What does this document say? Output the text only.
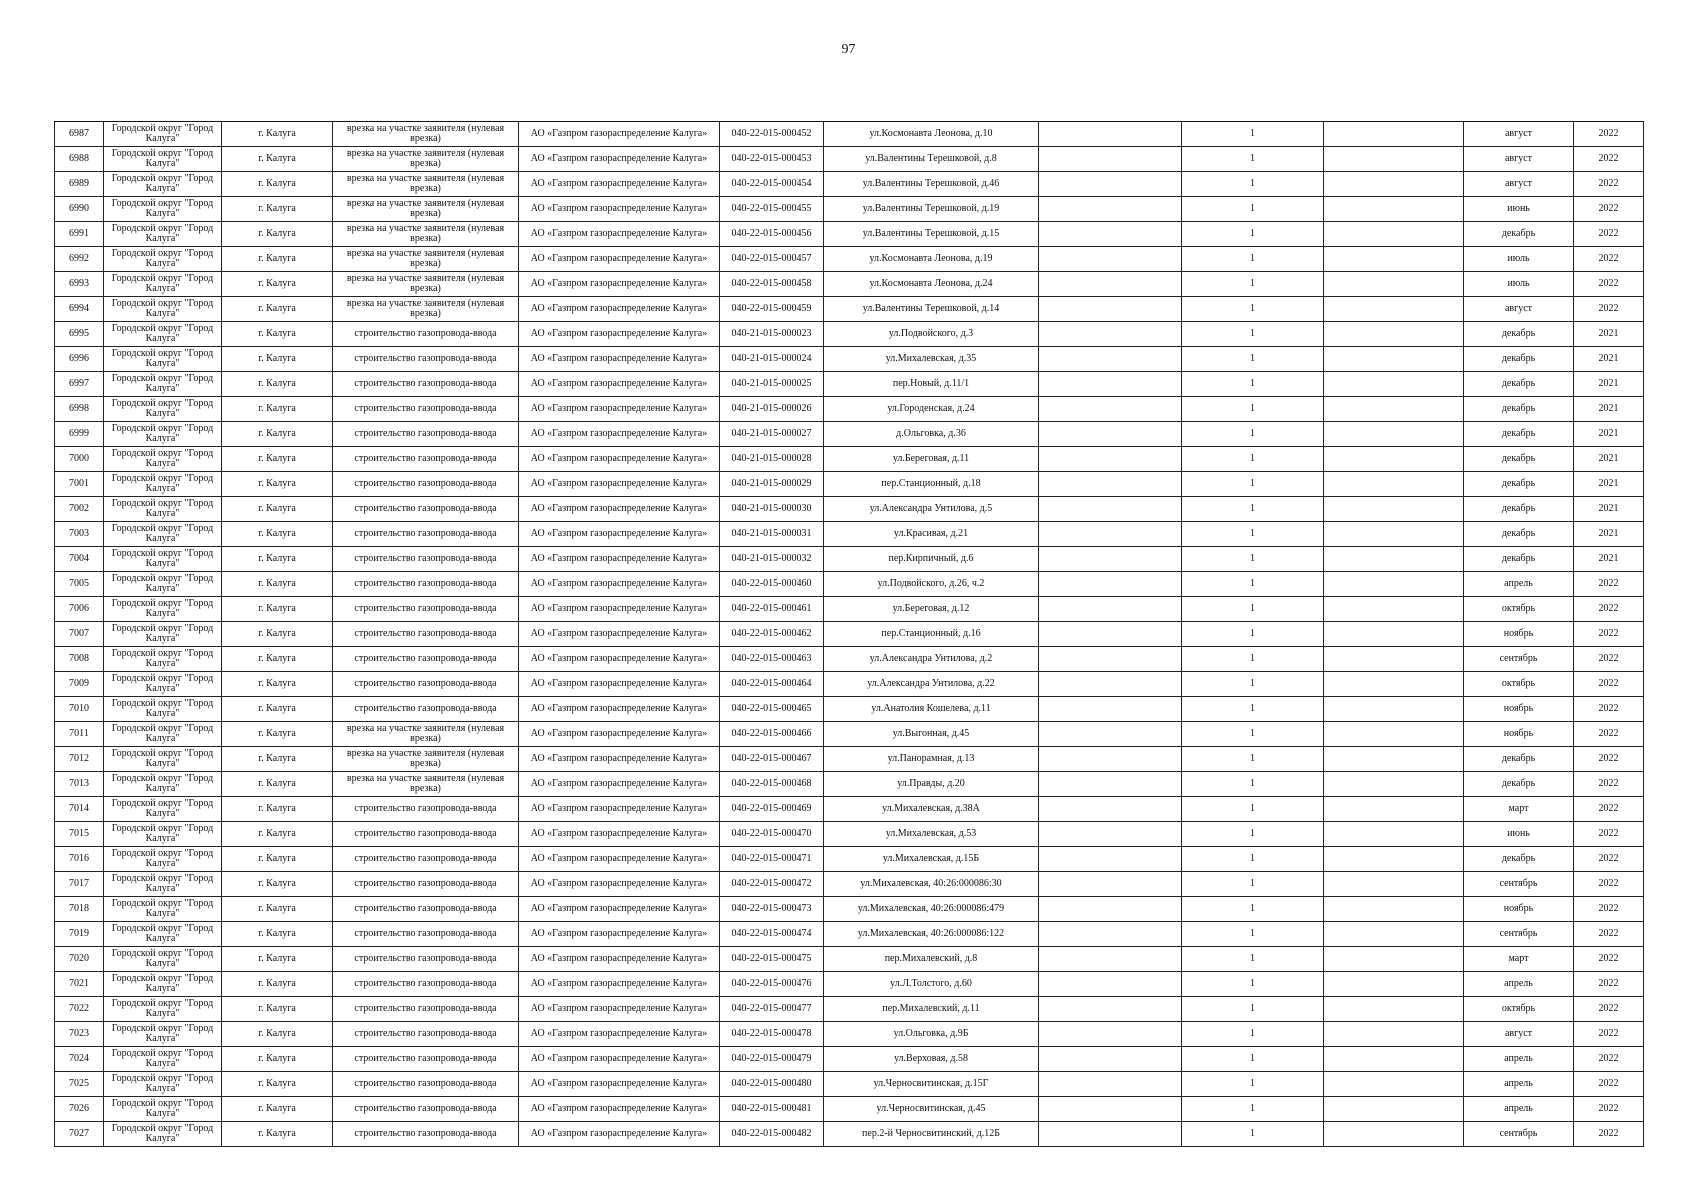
97
6987	Городской округ "Город Калуга"	г. Калуга	врезка на участке заявителя (нулевая врезка)	АО «Газпром газораспределение Калуга»	040-22-015-000452	ул.Космонавта Леонова, д.10		1		август	2022
6988	Городской округ "Город Калуга"	г. Калуга	врезка на участке заявителя (нулевая врезка)	АО «Газпром газораспределение Калуга»	040-22-015-000453	ул.Валентины Терешковой, д.8		1		август	2022
6989	Городской округ "Город Калуга"	г. Калуга	врезка на участке заявителя (нулевая врезка)	АО «Газпром газораспределение Калуга»	040-22-015-000454	ул.Валентины Терешковой, д.46		1		август	2022
6990	Городской округ "Город Калуга"	г. Калуга	врезка на участке заявителя (нулевая врезка)	АО «Газпром газораспределение Калуга»	040-22-015-000455	ул.Валентины Терешковой, д.19		1		июнь	2022
6991	Городской округ "Город Калуга"	г. Калуга	врезка на участке заявителя (нулевая врезка)	АО «Газпром газораспределение Калуга»	040-22-015-000456	ул.Валентины Терешковой, д.15		1		декабрь	2022
6992	Городской округ "Город Калуга"	г. Калуга	врезка на участке заявителя (нулевая врезка)	АО «Газпром газораспределение Калуга»	040-22-015-000457	ул.Космонавта Леонова, д.19		1		июль	2022
6993	Городской округ "Город Калуга"	г. Калуга	врезка на участке заявителя (нулевая врезка)	АО «Газпром газораспределение Калуга»	040-22-015-000458	ул.Космонавта Леонова, д.24		1		июль	2022
6994	Городской округ "Город Калуга"	г. Калуга	врезка на участке заявителя (нулевая врезка)	АО «Газпром газораспределение Калуга»	040-22-015-000459	ул.Валентины Терешковой, д.14		1		август	2022
6995	Городской округ "Город Калуга"	г. Калуга	строительство газопровода-ввода	АО «Газпром газораспределение Калуга»	040-21-015-000023	ул.Подвойского, д.3		1		декабрь	2021
6996	Городской округ "Город Калуга"	г. Калуга	строительство газопровода-ввода	АО «Газпром газораспределение Калуга»	040-21-015-000024	ул.Михалевская, д.35		1		декабрь	2021
6997	Городской округ "Город Калуга"	г. Калуга	строительство газопровода-ввода	АО «Газпром газораспределение Калуга»	040-21-015-000025	пер.Новый, д.11/1		1		декабрь	2021
6998	Городской округ "Город Калуга"	г. Калуга	строительство газопровода-ввода	АО «Газпром газораспределение Калуга»	040-21-015-000026	ул.Городенская, д.24		1		декабрь	2021
6999	Городской округ "Город Калуга"	г. Калуга	строительство газопровода-ввода	АО «Газпром газораспределение Калуга»	040-21-015-000027	д.Ольговка, д.36		1		декабрь	2021
7000	Городской округ "Город Калуга"	г. Калуга	строительство газопровода-ввода	АО «Газпром газораспределение Калуга»	040-21-015-000028	ул.Береговая, д.11		1		декабрь	2021
7001	Городской округ "Город Калуга"	г. Калуга	строительство газопровода-ввода	АО «Газпром газораспределение Калуга»	040-21-015-000029	пер.Станционный, д.18		1		декабрь	2021
7002	Городской округ "Город Калуга"	г. Калуга	строительство газопровода-ввода	АО «Газпром газораспределение Калуга»	040-21-015-000030	ул.Александра Унтилова, д.5		1		декабрь	2021
7003	Городской округ "Город Калуга"	г. Калуга	строительство газопровода-ввода	АО «Газпром газораспределение Калуга»	040-21-015-000031	ул.Красивая, д.21		1		декабрь	2021
7004	Городской округ "Город Калуга"	г. Калуга	строительство газопровода-ввода	АО «Газпром газораспределение Калуга»	040-21-015-000032	пер.Кирпичный, д.6		1		декабрь	2021
7005	Городской округ "Город Калуга"	г. Калуга	строительство газопровода-ввода	АО «Газпром газораспределение Калуга»	040-22-015-000460	ул.Подвойского, д.26, ч.2		1		апрель	2022
7006	Городской округ "Город Калуга"	г. Калуга	строительство газопровода-ввода	АО «Газпром газораспределение Калуга»	040-22-015-000461	ул.Береговая, д.12		1		октябрь	2022
7007	Городской округ "Город Калуга"	г. Калуга	строительство газопровода-ввода	АО «Газпром газораспределение Калуга»	040-22-015-000462	пер.Станционный, д.16		1		ноябрь	2022
7008	Городской округ "Город Калуга"	г. Калуга	строительство газопровода-ввода	АО «Газпром газораспределение Калуга»	040-22-015-000463	ул.Александра Унтилова, д.2		1		сентябрь	2022
7009	Городской округ "Город Калуга"	г. Калуга	строительство газопровода-ввода	АО «Газпром газораспределение Калуга»	040-22-015-000464	ул.Александра Унтилова, д.22		1		октябрь	2022
7010	Городской округ "Город Калуга"	г. Калуга	строительство газопровода-ввода	АО «Газпром газораспределение Калуга»	040-22-015-000465	ул.Анатолия Кошелева, д.11		1		ноябрь	2022
7011	Городской округ "Город Калуга"	г. Калуга	врезка на участке заявителя (нулевая врезка)	АО «Газпром газораспределение Калуга»	040-22-015-000466	ул.Выгонная, д.45		1		ноябрь	2022
7012	Городской округ "Город Калуга"	г. Калуга	врезка на участке заявителя (нулевая врезка)	АО «Газпром газораспределение Калуга»	040-22-015-000467	ул.Панорамная, д.13		1		декабрь	2022
7013	Городской округ "Город Калуга"	г. Калуга	врезка на участке заявителя (нулевая врезка)	АО «Газпром газораспределение Калуга»	040-22-015-000468	ул.Правды, д.20		1		декабрь	2022
7014	Городской округ "Город Калуга"	г. Калуга	строительство газопровода-ввода	АО «Газпром газораспределение Калуга»	040-22-015-000469	ул.Михалевская, д.38А		1		март	2022
7015	Городской округ "Город Калуга"	г. Калуга	строительство газопровода-ввода	АО «Газпром газораспределение Калуга»	040-22-015-000470	ул.Михалевская, д.53		1		июнь	2022
7016	Городской округ "Город Калуга"	г. Калуга	строительство газопровода-ввода	АО «Газпром газораспределение Калуга»	040-22-015-000471	ул.Михалевская, д.15Б		1		декабрь	2022
7017	Городской округ "Город Калуга"	г. Калуга	строительство газопровода-ввода	АО «Газпром газораспределение Калуга»	040-22-015-000472	ул.Михалевская, 40:26:000086:30		1		сентябрь	2022
7018	Городской округ "Город Калуга"	г. Калуга	строительство газопровода-ввода	АО «Газпром газораспределение Калуга»	040-22-015-000473	ул.Михалевская, 40:26:000086:479		1		ноябрь	2022
7019	Городской округ "Город Калуга"	г. Калуга	строительство газопровода-ввода	АО «Газпром газораспределение Калуга»	040-22-015-000474	ул.Михалевская, 40:26:000086:122		1		сентябрь	2022
7020	Городской округ "Город Калуга"	г. Калуга	строительство газопровода-ввода	АО «Газпром газораспределение Калуга»	040-22-015-000475	пер.Михалевский, д.8		1		март	2022
7021	Городской округ "Город Калуга"	г. Калуга	строительство газопровода-ввода	АО «Газпром газораспределение Калуга»	040-22-015-000476	ул.Л.Толстого, д.60		1		апрель	2022
7022	Городской округ "Город Калуга"	г. Калуга	строительство газопровода-ввода	АО «Газпром газораспределение Калуга»	040-22-015-000477	пер.Михалевский, д.11		1		октябрь	2022
7023	Городской округ "Город Калуга"	г. Калуга	строительство газопровода-ввода	АО «Газпром газораспределение Калуга»	040-22-015-000478	ул.Ольговка, д.9Б		1		август	2022
7024	Городской округ "Город Калуга"	г. Калуга	строительство газопровода-ввода	АО «Газпром газораспределение Калуга»	040-22-015-000479	ул.Верховая, д.58		1		апрель	2022
7025	Городской округ "Город Калуга"	г. Калуга	строительство газопровода-ввода	АО «Газпром газораспределение Калуга»	040-22-015-000480	ул.Черносвитинская, д.15Г		1		апрель	2022
7026	Городской округ "Город Калуга"	г. Калуга	строительство газопровода-ввода	АО «Газпром газораспределение Калуга»	040-22-015-000481	ул.Черносвитинская, д.45		1		апрель	2022
7027	Городской округ "Город Калуга"	г. Калуга	строительство газопровода-ввода	АО «Газпром газораспределение Калуга»	040-22-015-000482	пер.2-й Черносвитинский, д.12Б		1		сентябрь	2022
